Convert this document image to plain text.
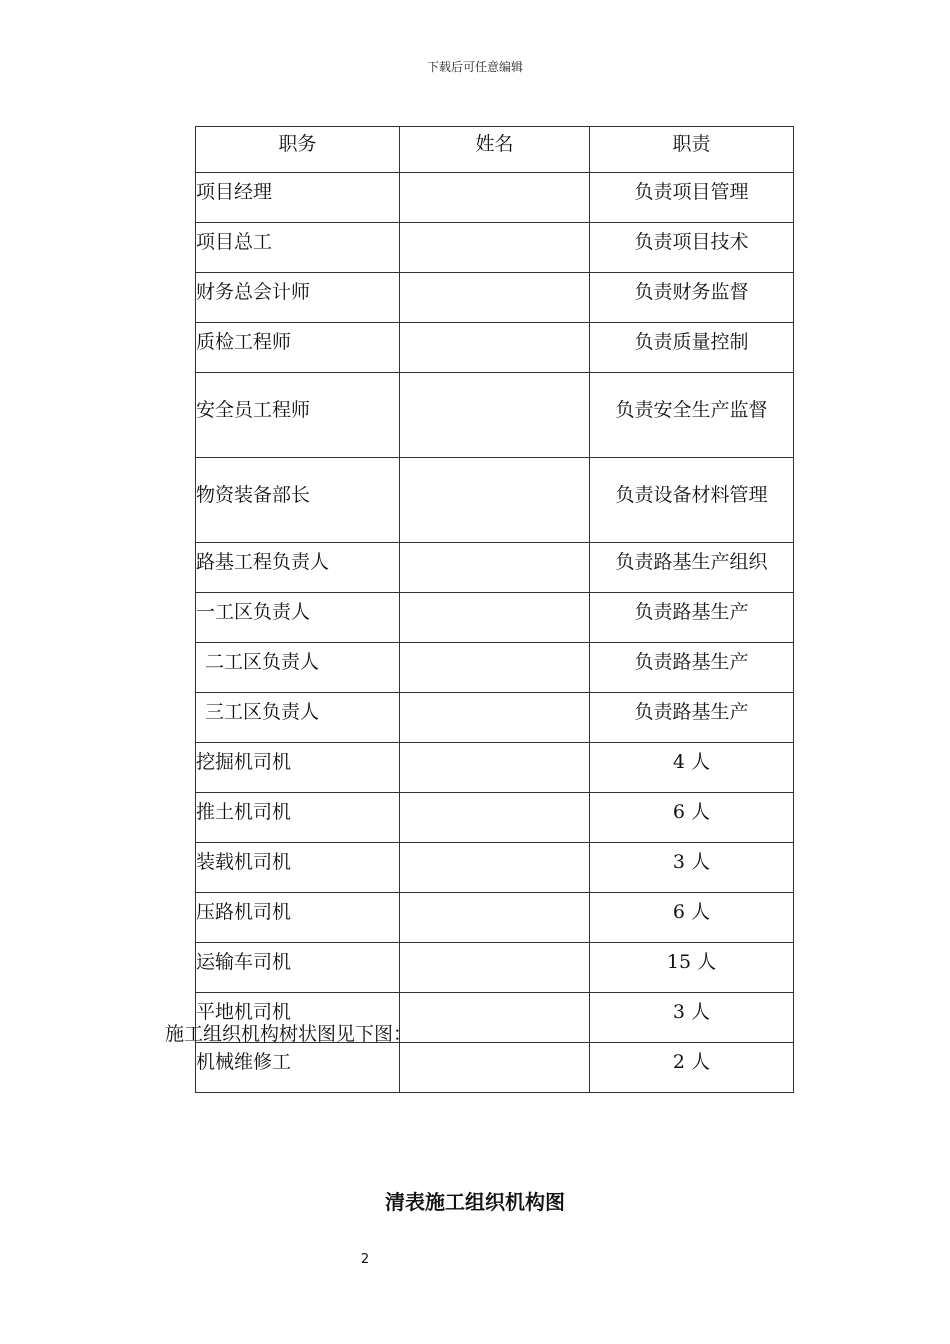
下载后可任意编辑
职务	姓名	职责
项目经理		负责项目管理
项目总工		负责项目技术
财务总会计师		负责财务监督
质检工程师		负责质量控制
安全员工程师		负责安全生产监督
物资装备部长		负责设备材料管理
路基工程负责人		负责路基生产组织
一工区负责人		负责路基生产
二工区负责人		负责路基生产
三工区负责人		负责路基生产
挖掘机司机		4 人
推土机司机		6 人
装载机司机		3 人
压路机司机		6 人
运输车司机		15 人
平地机司机		3 人
机械维修工		2 人
施工组织机构树状图见下图：
清表施工组织机构图
2
